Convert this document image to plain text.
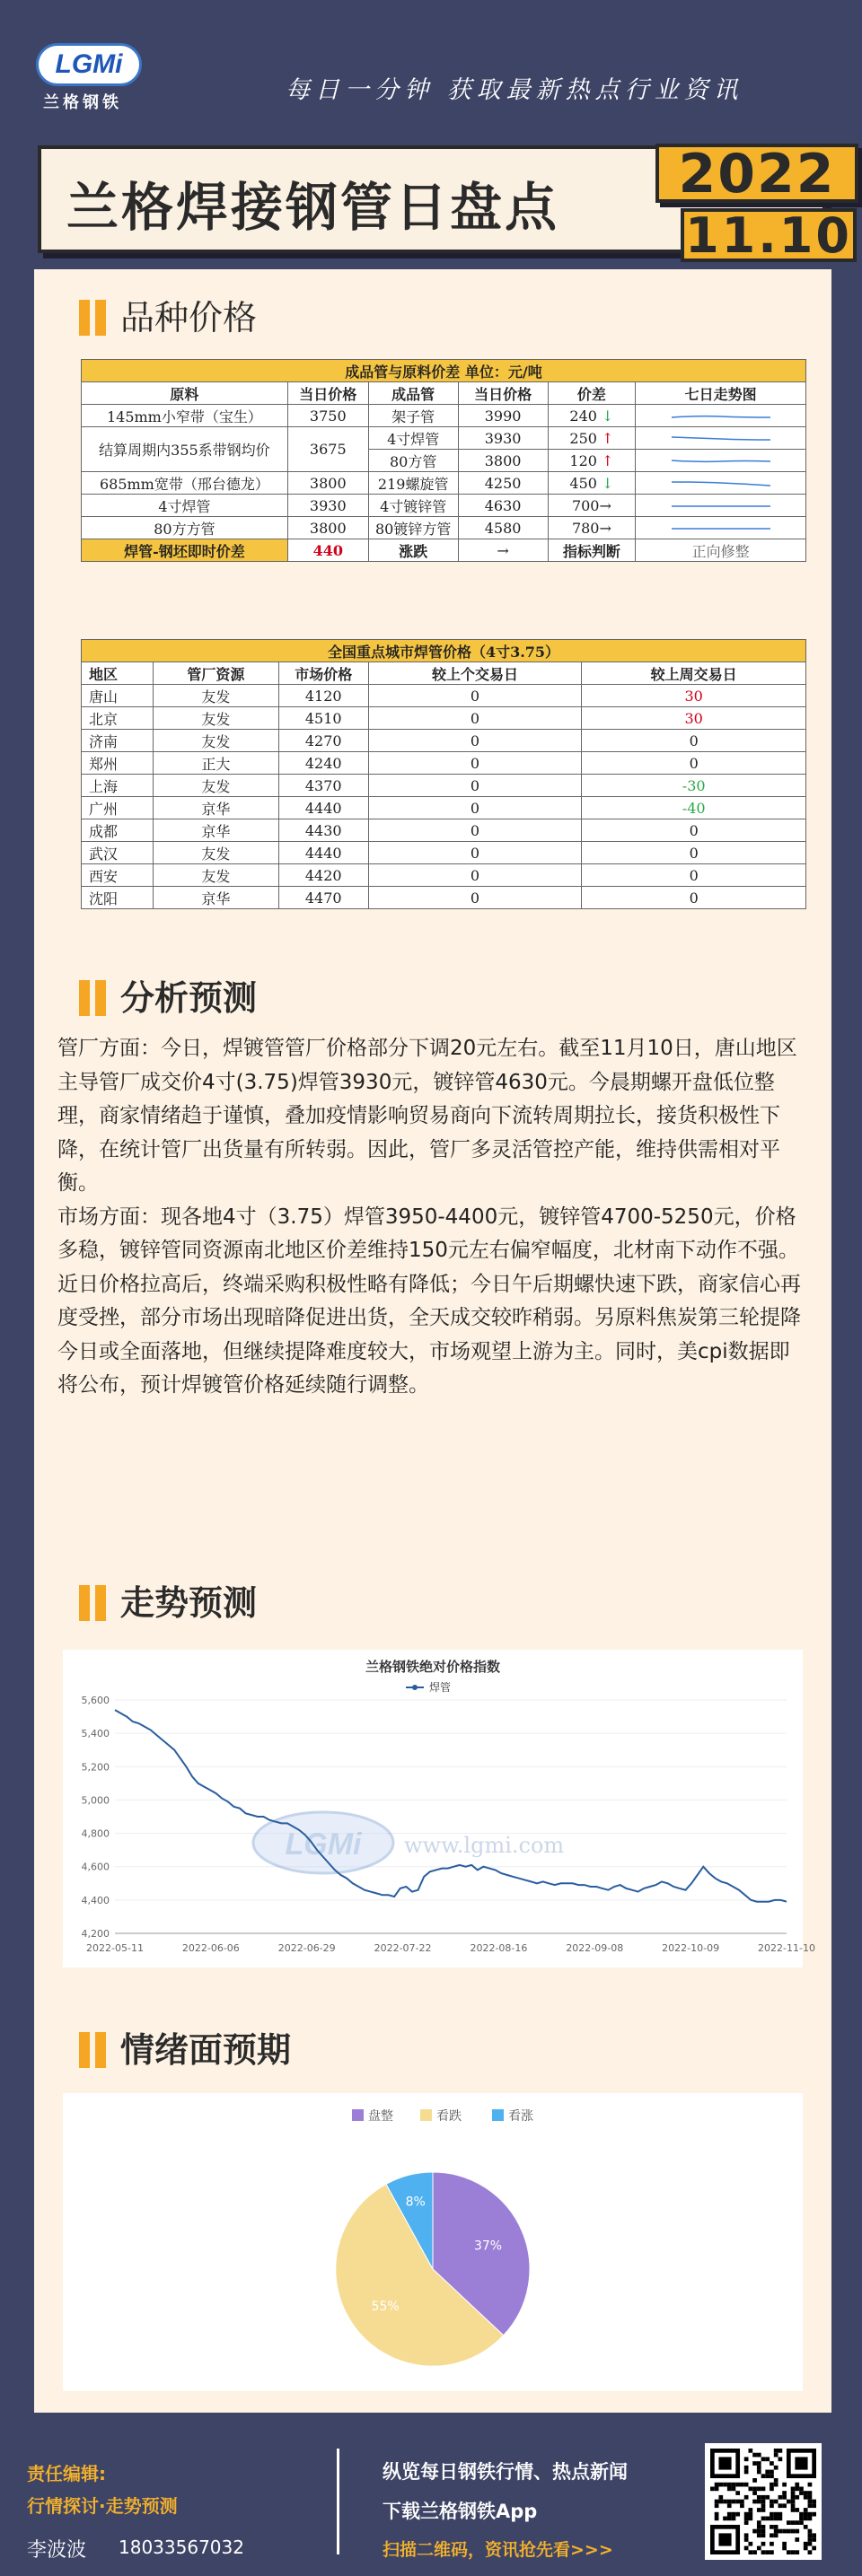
LGMi
兰格钢铁	每日一分钟 获取最新热点行业资讯
兰格焊接钢管日盘点
2022
11.10
品种价格
成品管与原料价差 单位：元/吨					
原料	当日价格	成品管	当日价格	价差	七日走势图
145mm小窄带（宝生）	3750	架子管	3990	240 ↓	

结算周期内355系带钢均价	3675	4寸焊管	3930	250 ↑	

		80方管	3800	120 ↑	

685mm宽带（邢台德龙）	3800	219螺旋管	4250	450 ↓	

4寸焊管	3930	4寸镀锌管	4630	700→	

80方方管	3800	80镀锌方管	4580	780→	

焊管-钢坯即时价差	440	涨跌	→	指标判断	正向修整
全国重点城市焊管价格（4寸3.75）				
地区	管厂资源	市场价格	较上个交易日	较上周交易日
唐山	友发	4120	0	30
北京	友发	4510	0	30
济南	友发	4270	0	0
郑州	正大	4240	0	0
上海	友发	4370	0	-30
广州	京华	4440	0	-40
成都	京华	4430	0	0
武汉	友发	4440	0	0
西安	友发	4420	0	0
沈阳	京华	4470	0	0
分析预测

管厂方面：今日，焊镀管管厂价格部分下调20元左右。截至11月10日，唐山地区主导管厂成交价4寸(3.75)焊管3930元，镀锌管4630元。今晨期螺开盘低位整理，商家情绪趋于谨慎，叠加疫情影响贸易商向下流转周期拉长，接货积极性下降，在统计管厂出货量有所转弱。因此，管厂多灵活管控产能，维持供需相对平衡。

市场方面：现各地4寸（3.75）焊管3950-4400元，镀锌管4700-5250元，价格多稳，镀锌管同资源南北地区价差维持150元左右偏窄幅度，北材南下动作不强。近日价格拉高后，终端采购积极性略有降低；今日午后期螺快速下跌，商家信心再度受挫，部分市场出现暗降促进出货，全天成交较昨稍弱。另原料焦炭第三轮提降今日或全面落地，但继续提降难度较大，市场观望上游为主。同时，美cpi数据即将公布，预计焊镀管价格延续随行调整。

走势预测
兰格钢铁绝对价格指数
焊管
4,200
4,400
4,600
4,800
5,000
5,200
5,400
5,600
2022-05-11	2022-06-06	2022-06-29	2022-07-22	2022-08-16	2022-09-08	2022-10-09	2022-11-10
LGMi www.lgmi.com
情绪面预期
盘整	看跌	看涨
37%
55%
8%
责任编辑:
行情探讨·走势预测
李波波 18033567032
纵览每日钢铁行情、热点新闻
下载兰格钢铁App
扫描二维码，资讯抢先看>>>
